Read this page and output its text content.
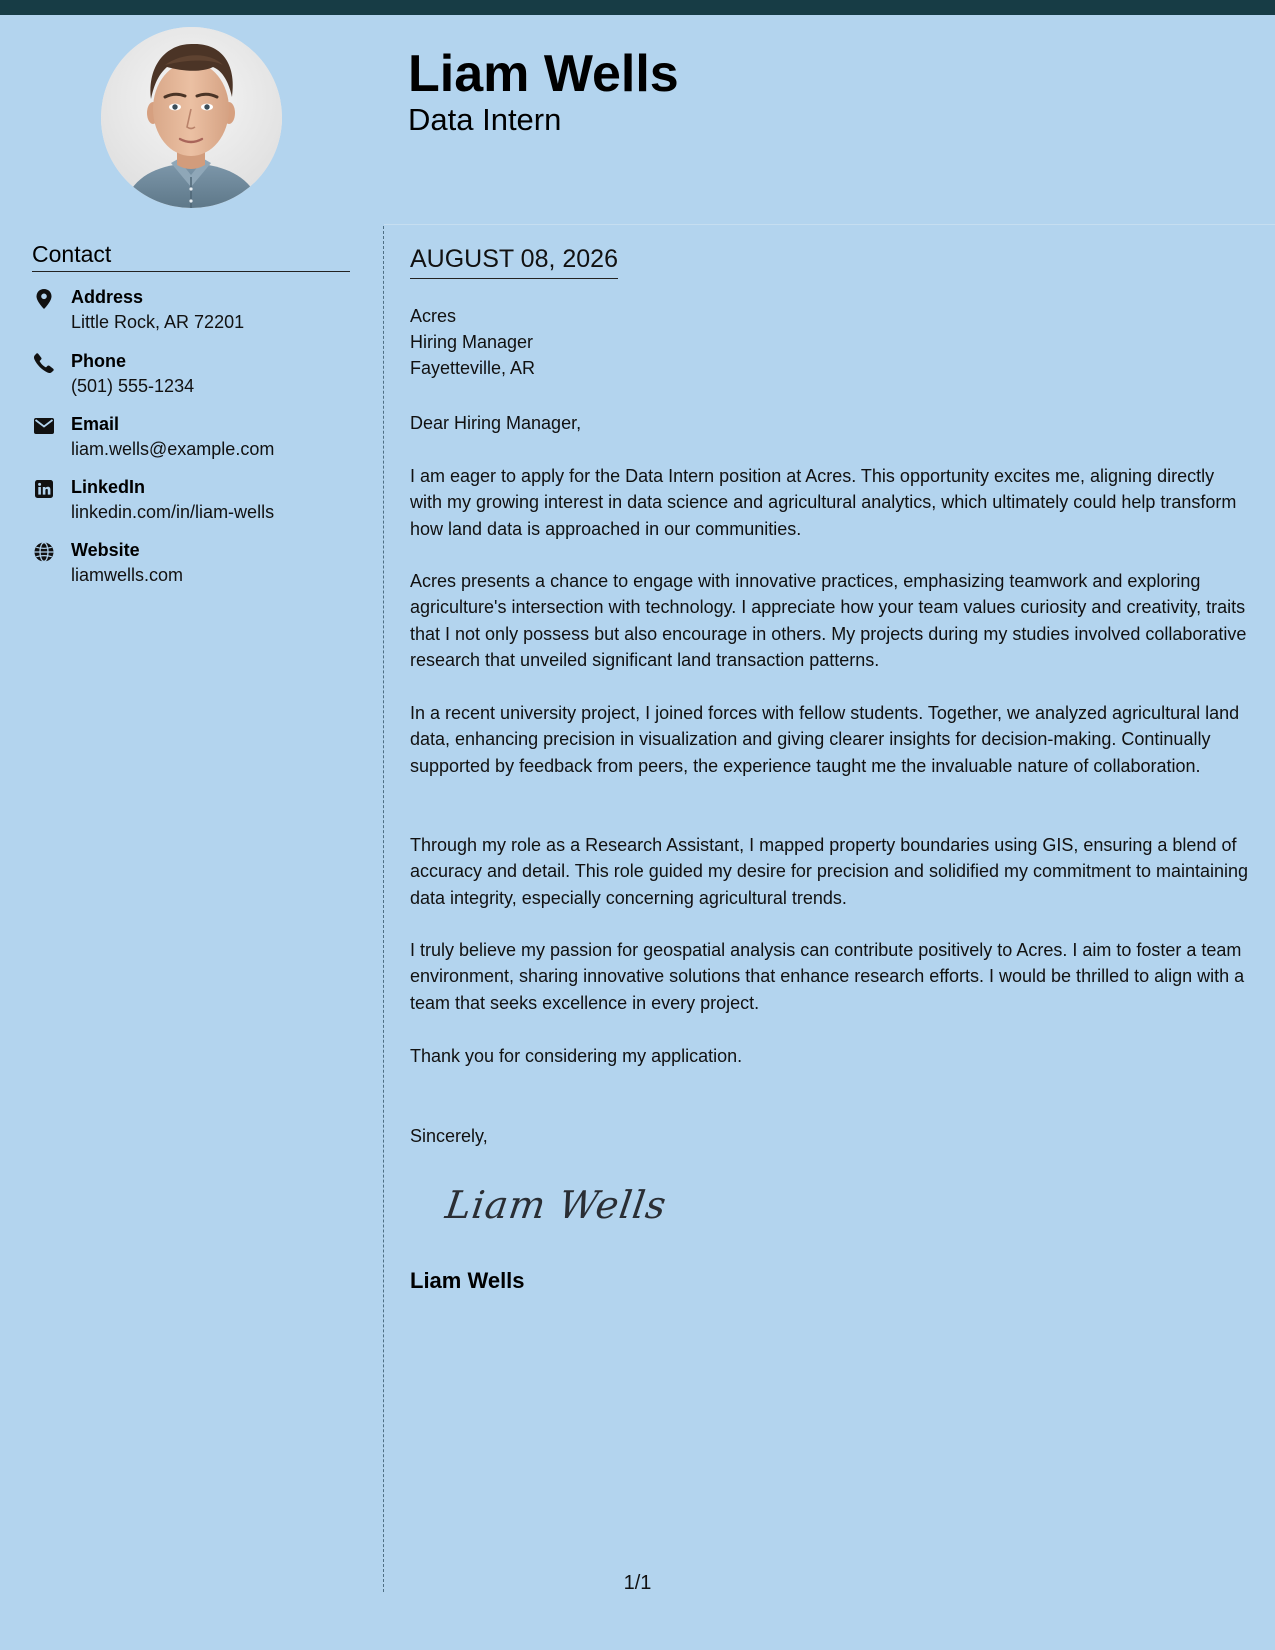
Liam Wells
Data Intern
Contact
Address
Little Rock, AR 72201
Phone
(501) 555-1234
Email
liam.wells@example.com
LinkedIn
linkedin.com/in/liam-wells
Website
liamwells.com
AUGUST 08, 2026
Acres
Hiring Manager
Fayetteville, AR

Dear Hiring Manager,

I am eager to apply for the Data Intern position at Acres. This opportunity excites me, aligning directly with my growing interest in data science and agricultural analytics, which ultimately could help transform how land data is approached in our communities.

Acres presents a chance to engage with innovative practices, emphasizing teamwork and exploring agriculture's intersection with technology. I appreciate how your team values curiosity and creativity, traits that I not only possess but also encourage in others. My projects during my studies involved collaborative research that unveiled significant land transaction patterns.

In a recent university project, I joined forces with fellow students. Together, we analyzed agricultural land data, enhancing precision in visualization and giving clearer insights for decision-making. Continually supported by feedback from peers, the experience taught me the invaluable nature of collaboration.

Through my role as a Research Assistant, I mapped property boundaries using GIS, ensuring a blend of accuracy and detail. This role guided my desire for precision and solidified my commitment to maintaining data integrity, especially concerning agricultural trends.

I truly believe my passion for geospatial analysis can contribute positively to Acres. I aim to foster a team environment, sharing innovative solutions that enhance research efforts. I would be thrilled to align with a team that seeks excellence in every project.

Thank you for considering my application.

Sincerely,

Liam Wells
Liam Wells
1/1
